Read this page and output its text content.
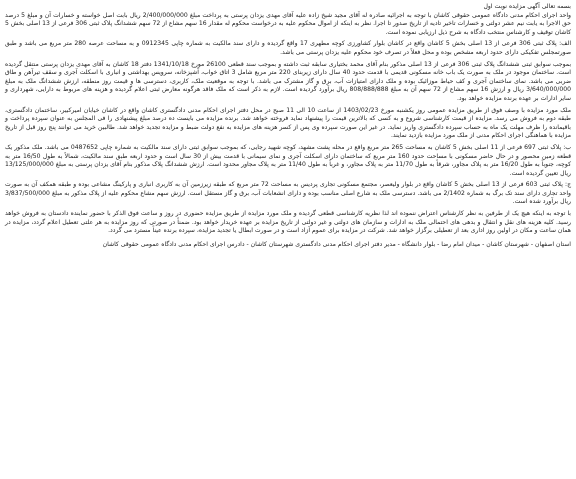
بسمه تعالی آگهی مزایده نوبت اول

واحد اجرای احکام مدنی دادگاه عمومی حقوقی کاشان با توجه به اجرائیه صادره له آقای مجید شیخ زاده علیه آقای مهدی یزدان پرستی به پرداخت مبلغ 2/400/000/000 ریال بابت اصل خواسته و خسارات آن و مبلغ 5 درصد حق الاجرا به یابت نیم عشر دولتی و خسارات تاخیر تادیه از تاریخ صدور تا اجرا. نظر به اینکه از اموال محکوم علیه به درخواست محکوم له مقدار 16 سهم مشاع از 72 سهم ششدانگ پلاک ثبتی 306 فرعی از 13 اصلی بخش 5 کاشان توقیف و کارشناس منتخب دادگاه به شرح ذیل ارزیابی نموده است.

الف: پلاک ثبتی 306 فرعی از 13 اصلی بخش 5 کاشان واقع در کاشان بلوار کشاورزی کوچه مطهری 17 واقع گردیده و دارای سند مالکیت به شماره چاپی 0912345 و به مساحت عرصه 280 متر مربع می باشد و طبق صورتمجلس تفکیکی دارای حدود اربعه مشخص بوده و محل فعلاً در تصرف خود محکوم علیه یزدان پرستی می باشد.

بموجب سوابق ثبتی ششدانگ پلاک ثبتی 306 فرعی از 13 اصلی مذکور بنام آقای محمد بختیاری سابقه ثبت داشته و بموجب سند قطعی 26100 مورخ 1341/10/18 دفتر 18 کاشان به آقای مهدی یزدان پرستی منتقل گردیده است. ساختمان موجود در ملک به صورت یک باب خانه مسکونی قدیمی با قدمت حدود 40 سال دارای زیربنای 220 متر مربع شامل 3 اتاق خواب، آشپزخانه، سرویس بهداشتی و انباری با اسکلت آجری و سقف تیرآهن و طاق ضربی می باشد. نمای ساختمان آجری و کف حیاط موزائیک بوده و ملک دارای امتیازات آب، برق و گاز مشترک می باشد. با توجه به موقعیت ملک، کاربری، دسترسی ها و قیمت روز منطقه، ارزش ششدانگ ملک به مبلغ 3/640/000/000 ریال و ارزش 16 سهم مشاع از 72 سهم آن به مبلغ 808/888/888 ریال برآورد گردیده است. لازم به ذکر است که ملک فاقد هرگونه معارض ثبتی اعلام گردیده و هزینه های مربوط به دارایی، شهرداری و سایر ادارات بر عهده برنده مزایده خواهد بود.

ملک مورد مزایده با وصف فوق از طریق مزایده عمومی روز یکشنبه مورخ 1403/02/23 از ساعت 10 الی 11 صبح در محل دفتر اجرای احکام مدنی دادگستری کاشان واقع در کاشان خیابان امیرکبیر، ساختمان دادگستری، طبقه دوم به فروش می رسد. مزایده از قیمت کارشناسی شروع و به کسی که بالاترین قیمت را پیشنهاد نماید فروخته خواهد شد. برنده مزایده می بایست ده درصد مبلغ پیشنهادی را فی المجلس به عنوان سپرده پرداخت و باقیمانده را ظرف مهلت یک ماه به حساب سپرده دادگستری واریز نماید. در غیر این صورت سپرده وی پس از کسر هزینه های مزایده به نفع دولت ضبط و مزایده تجدید خواهد شد. طالبین خرید می توانند پنج روز قبل از تاریخ مزایده با هماهنگی اجرای احکام مدنی از ملک مورد مزایده بازدید نمایند.

ب: پلاک ثبتی 697 فرعی از 11 اصلی بخش 5 کاشان به مساحت 265 متر مربع واقع در محله پشت مشهد، کوچه شهید رجایی، که بموجب سوابق ثبتی دارای سند مالکیت به شماره چاپی 0487652 می باشد. ملک مذکور یک قطعه زمین محصور و در حال حاضر مسکونی با مساحت حدود 160 متر مربع که ساختمان دارای اسکلت آجری و نمای سیمانی با قدمت بیش از 30 سال است و حدود اربعه طبق سند مالکیت، شمالاً به طول 16/50 متر به کوچه، جنوباً به طول 16/20 متر به پلاک مجاور، شرقاً به طول 11/70 متر به پلاک مجاور، و غرباً به طول 11/40 متر به پلاک مجاور محدود است. ارزش ششدانگ پلاک مذکور بنام آقای یزدان پرستی به مبلغ 13/125/000/000 ریال تعیین گردیده است.

ج: پلاک ثبتی 603 فرعی از 13 اصلی بخش 5 کاشان واقع در بلوار ولیعصر، مجتمع مسکونی تجاری پردیس به مساحت 72 متر مربع که طبقه زیرزمین آن به کاربری انباری و پارکینگ مشاعی بوده و طبقه همکف آن به صورت واحد تجاری دارای سند تک برگ به شماره 2/1402 می باشد. دسترسی ملک به شارع اصلی مناسب بوده و دارای انشعابات آب، برق و گاز مستقل است. ارزش سهم مشاع محکوم علیه از پلاک مذکور به مبلغ 3/837/500/000 ریال برآورد شده است.

با توجه به اینکه هیچ یک از طرفین به نظر کارشناس اعتراض ننموده اند لذا نظریه کارشناسی قطعی گردیده و ملک مورد مزایده از طریق مزایده حضوری در روز و ساعت فوق الذکر با حضور نماینده دادستان به فروش خواهد رسید. کلیه هزینه های نقل و انتقال و بدهی های احتمالی ملک به ادارات و سازمان های دولتی و غیر دولتی از تاریخ مزایده بر عهده خریدار خواهد بود. ضمناً در صورتی که روز مزایده به هر علتی تعطیل اعلام گردد، مزایده در همان ساعت و مکان در اولین روز اداری بعد از تعطیلی برگزار خواهد شد. شرکت در مزایده برای عموم آزاد است و در صورت ابطال یا تجدید مزایده، سپرده برنده عیناً مسترد می گردد.

استان اصفهان - شهرستان کاشان - میدان امام رضا - بلوار دانشگاه - مدیر دفتر اجرای احکام مدنی دادگستری شهرستان کاشان - دادرس اجرای احکام مدنی دادگاه عمومی حقوقی کاشان
